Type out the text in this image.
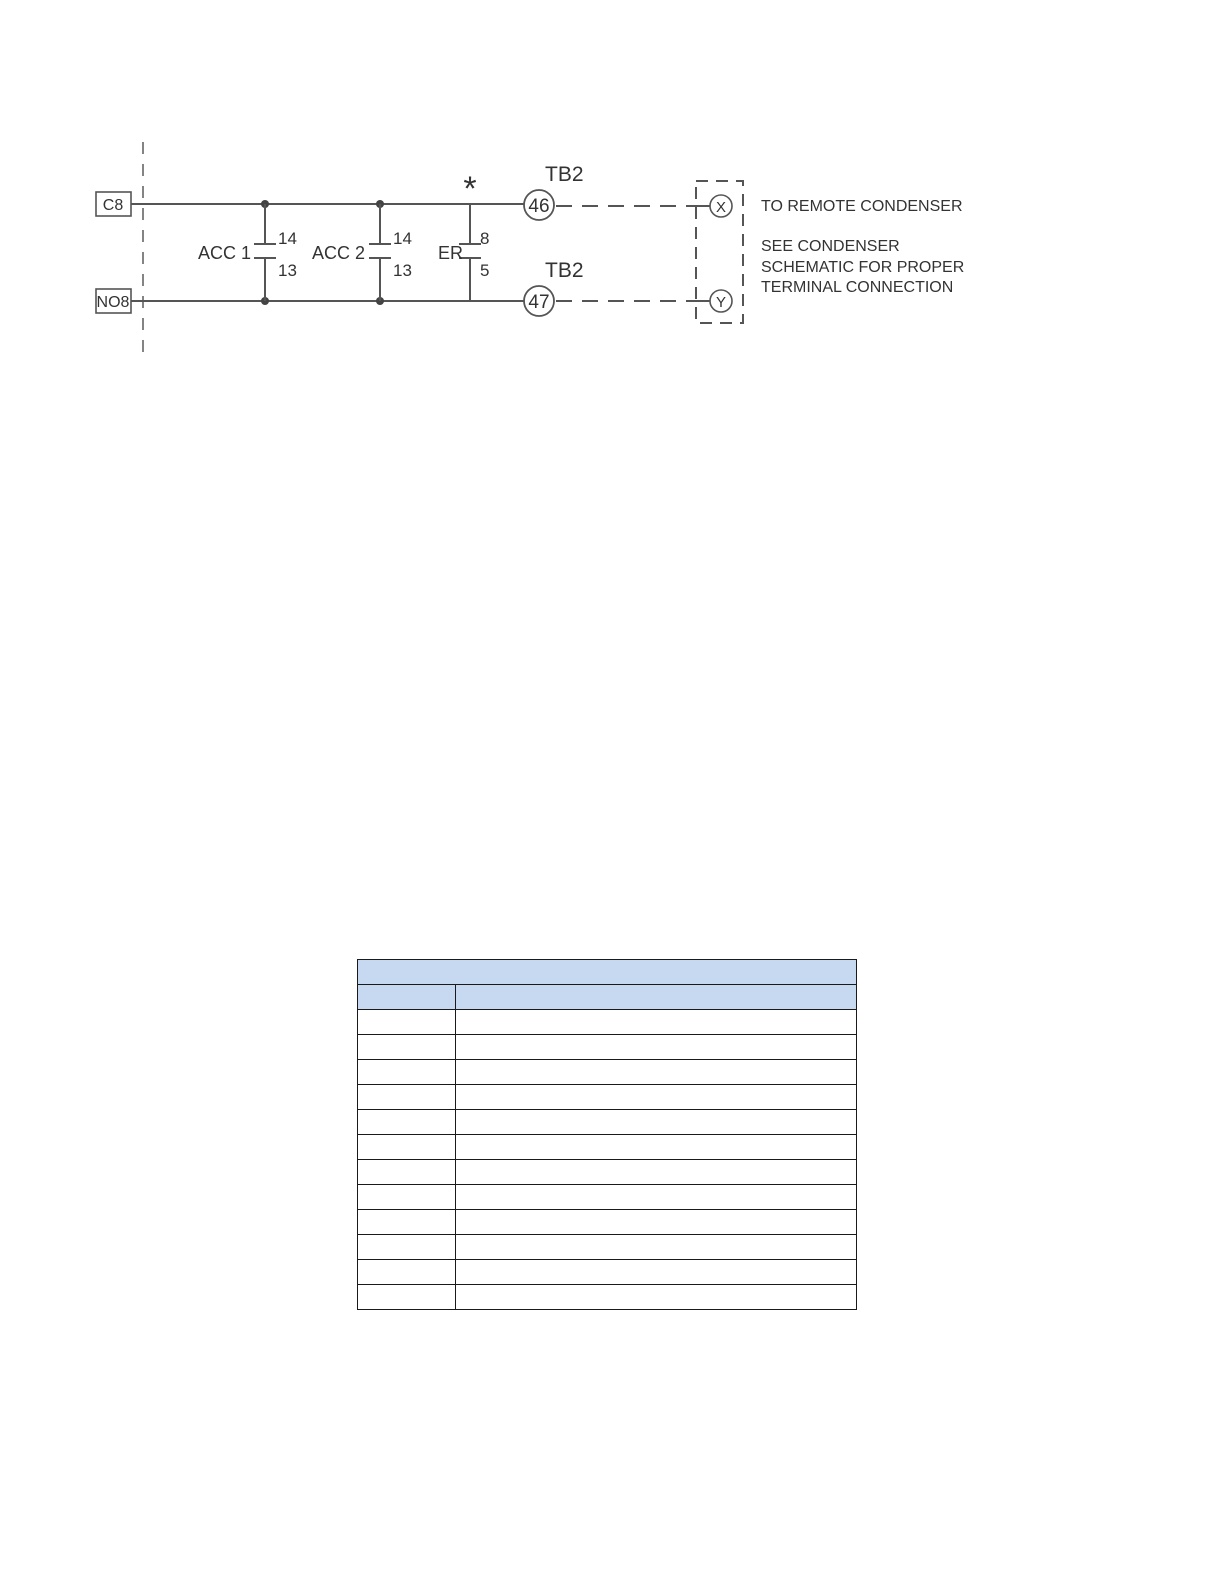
C8
NO8
ACC 1
14
13
ACC 2
14
13
ER
8
5
*	46
TB2
47
TB2
X
Y
TO REMOTE CONDENSER
SEE CONDENSER
SCHEMATIC FOR PROPER
TERMINAL CONNECTION
